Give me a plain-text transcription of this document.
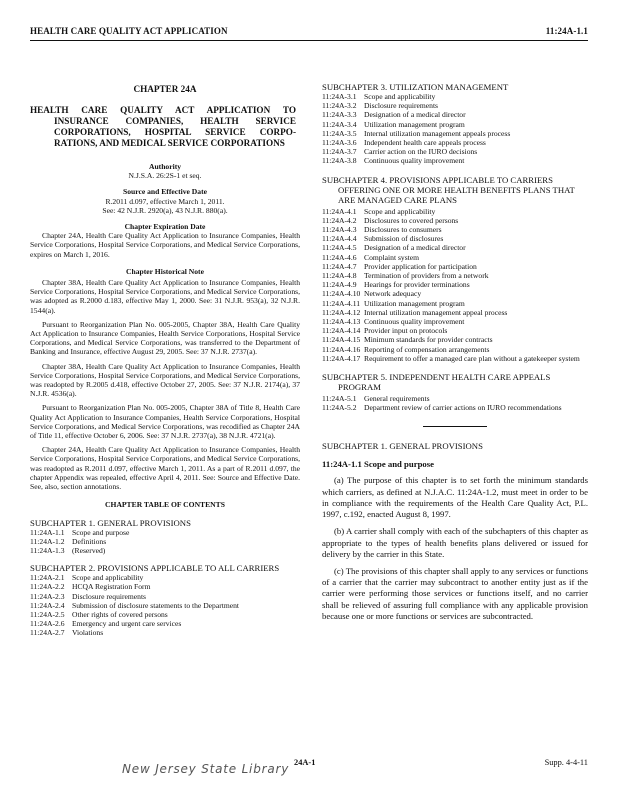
HEALTH CARE QUALITY ACT APPLICATION	11:24A-1.1

CHAPTER 24A

HEALTH CARE QUALITY ACT APPLICATION TO INSURANCE COMPANIES, HEALTH SERVICE CORPORATIONS, HOSPITAL SERVICE CORPORATIONS, AND MEDICAL SERVICE CORPORATIONS

Authority

N.J.S.A. 26:2S-1 et seq.

Source and Effective Date

R.2011 d.097, effective March 1, 2011.

See: 42 N.J.R. 2920(a), 43 N.J.R. 880(a).

Chapter Expiration Date

Chapter 24A, Health Care Quality Act Application to Insurance Companies, Health Service Corporations, Hospital Service Corporations, and Medical Service Corporations, expires on March 1, 2016.

Chapter Historical Note

Chapter 38A, Health Care Quality Act Application to Insurance Companies, Health Service Corporations, Hospital Service Corporations, and Medical Service Corporations, was adopted as R.2000 d.183, effective May 1, 2000. See: 31 N.J.R. 953(a), 32 N.J.R. 1544(a).

Pursuant to Reorganization Plan No. 005-2005, Chapter 38A, Health Care Quality Act Application to Insurance Companies, Health Service Corporations, Hospital Service Corporations, and Medical Service Corporations, was transferred to the Department of Banking and Insurance, effective August 29, 2005. See: 37 N.J.R. 2737(a).

Chapter 38A, Health Care Quality Act Application to Insurance Companies, Health Service Corporations, Hospital Service Corporations, and Medical Service Corporations, was readopted by R.2005 d.418, effective October 27, 2005. See: 37 N.J.R. 2174(a), 37 N.J.R. 4536(a).

Pursuant to Reorganization Plan No. 005-2005, Chapter 38A of Title 8, Health Care Quality Act Application to Insurance Companies, Health Service Corporations, Hospital Service Corporations, and Medical Service Corporations, was recodified as Chapter 24A of Title 11, effective October 6, 2006. See: 37 N.J.R. 2737(a), 38 N.J.R. 4721(a).

Chapter 24A, Health Care Quality Act Application to Insurance Companies, Health Service Corporations, Hospital Service Corporations, and Medical Service Corporations, was readopted as R.2011 d.097, effective March 1, 2011. As a part of R.2011 d.097, the chapter Appendix was repealed, effective April 4, 2011. See: Source and Effective Date. See, also, section annotations.

CHAPTER TABLE OF CONTENTS

SUBCHAPTER 1. GENERAL PROVISIONS

11:24A-1.1 Scope and purpose
11:24A-1.2 Definitions
11:24A-1.3 (Reserved)

SUBCHAPTER 2. PROVISIONS APPLICABLE TO ALL CARRIERS

11:24A-2.1 Scope and applicability
11:24A-2.2 HCQA Registration Form
11:24A-2.3 Disclosure requirements
11:24A-2.4 Submission of disclosure statements to the Department
11:24A-2.5 Other rights of covered persons
11:24A-2.6 Emergency and urgent care services
11:24A-2.7 Violations

SUBCHAPTER 3. UTILIZATION MANAGEMENT

11:24A-3.1 Scope and applicability
11:24A-3.2 Disclosure requirements
11:24A-3.3 Designation of a medical director
11:24A-3.4 Utilization management program
11:24A-3.5 Internal utilization management appeals process
11:24A-3.6 Independent health care appeals process
11:24A-3.7 Carrier action on the IURO decisions
11:24A-3.8 Continuous quality improvement

SUBCHAPTER 4. PROVISIONS APPLICABLE TO CARRIERS OFFERING ONE OR MORE HEALTH BENEFITS PLANS THAT ARE MANAGED CARE PLANS

11:24A-4.1 Scope and applicability
11:24A-4.2 Disclosures to covered persons
11:24A-4.3 Disclosures to consumers
11:24A-4.4 Submission of disclosures
11:24A-4.5 Designation of a medical director
11:24A-4.6 Complaint system
11:24A-4.7 Provider application for participation
11:24A-4.8 Termination of providers from a network
11:24A-4.9 Hearings for provider terminations
11:24A-4.10 Network adequacy
11:24A-4.11 Utilization management program
11:24A-4.12 Internal utilization management appeal process
11:24A-4.13 Continuous quality improvement
11:24A-4.14 Provider input on protocols
11:24A-4.15 Minimum standards for provider contracts
11:24A-4.16 Reporting of compensation arrangements
11:24A-4.17 Requirement to offer a managed care plan without a gatekeeper system

SUBCHAPTER 5. INDEPENDENT HEALTH CARE APPEALS PROGRAM

11:24A-5.1 General requirements
11:24A-5.2 Department review of carrier actions on IURO recommendations

SUBCHAPTER 1. GENERAL PROVISIONS

11:24A-1.1 Scope and purpose

(a) The purpose of this chapter is to set forth the minimum standards which carriers, as defined at N.J.A.C. 11:24A-1.2, must meet in order to be in compliance with the requirements of the Health Care Quality Act, P.L. 1997, c.192, enacted August 8, 1997.

(b) A carrier shall comply with each of the subchapters of this chapter as appropriate to the types of health benefits plans delivered or issued for delivery by the carrier in this State.

(c) The provisions of this chapter shall apply to any services or functions of a carrier that the carrier may subcontract to another entity just as if the carrier were performing those services or functions itself, and no carrier shall be relieved of assuring full compliance with any applicable provision because one or more functions or services are subcontracted.

New Jersey State Library 24A-1	Supp. 4-4-11
